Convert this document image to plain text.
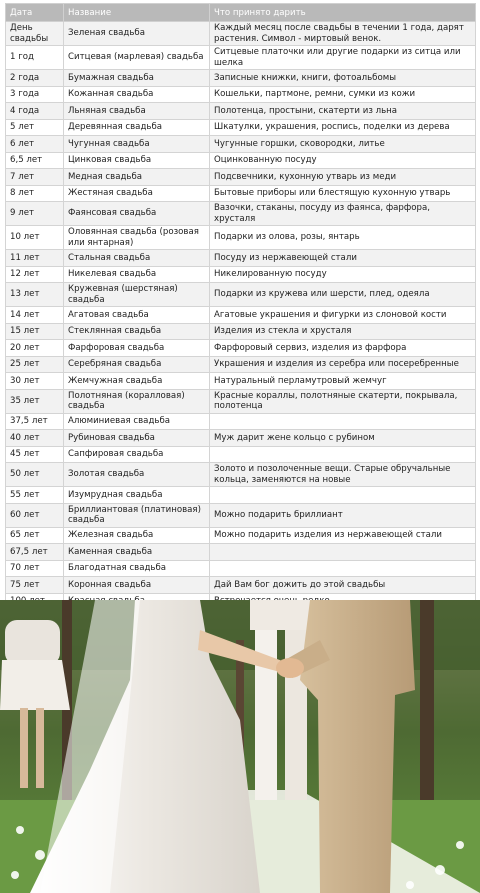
Дата	Название	Что принято дарить
День свадьбы	Зеленая свадьба	Каждый месяц после свадьбы в течении 1 года, дарят растения. Символ - миртовый венок.
1 год	Ситцевая (марлевая) свадьба	Ситцевые платочки или другие подарки из ситца или шелка
2 года	Бумажная свадьба	Записные книжки, книги, фотоальбомы
3 года	Кожанная свадьба	Кошельки, партмоне, ремни, сумки из кожи
4 года	Льняная свадьба	Полотенца, простыни, скатерти из льна
5 лет	Деревянная свадьба	Шкатулки, украшения, роспись, поделки из дерева
6 лет	Чугунная свадьба	Чугунные горшки, сковородки, литье
6,5 лет	Цинковая свадьба	Оцинкованную посуду
7 лет	Медная свадьба	Подсвечники, кухонную утварь из меди
8 лет	Жестяная свадьба	Бытовые приборы или блестящую кухонную утварь
9 лет	Фаянсовая свадьба	Вазочки, стаканы, посуду из фаянса, фарфора, хрусталя
10 лет	Оловянная свадьба (розовая или янтарная)	Подарки из олова, розы, янтарь
11 лет	Стальная свадьба	Посуду из нержавеющей стали
12 лет	Никелевая свадьба	Никелированную посуду
13 лет	Кружевная (шерстяная) свадьба	Подарки из кружева или шерсти, плед, одеяла
14 лет	Агатовая свадьба	Агатовые украшения и фигурки из слоновой кости
15 лет	Стеклянная свадьба	Изделия из стекла и хрусталя
20 лет	Фарфоровая свадьба	Фарфоровый сервиз, изделия из фарфора
25 лет	Серебряная свадьба	Украшения и изделия из серебра или посеребренные
30 лет	Жемчужная свадьба	Натуральный перламутровый жемчуг
35 лет	Полотняная (коралловая) свадьба	Красные кораллы, полотняные скатерти, покрывала, полотенца
37,5 лет	Алюминиевая свадьба	
40 лет	Рубиновая свадьба	Муж дарит жене кольцо с рубином
45 лет	Сапфировая свадьба	
50 лет	Золотая свадьба	Золото и позолоченные вещи. Старые обручальные кольца, заменяются на новые
55 лет	Изумрудная свадьба	
60 лет	Бриллиантовая (платиновая) свадьба	Можно подарить бриллиант
65 лет	Железная свадьба	Можно подарить изделия из нержавеющей стали
67,5 лет	Каменная свадьба	
70 лет	Благодатная свадьба	
75 лет	Коронная свадьба	Дай Вам бог дожить до этой свадьбы
